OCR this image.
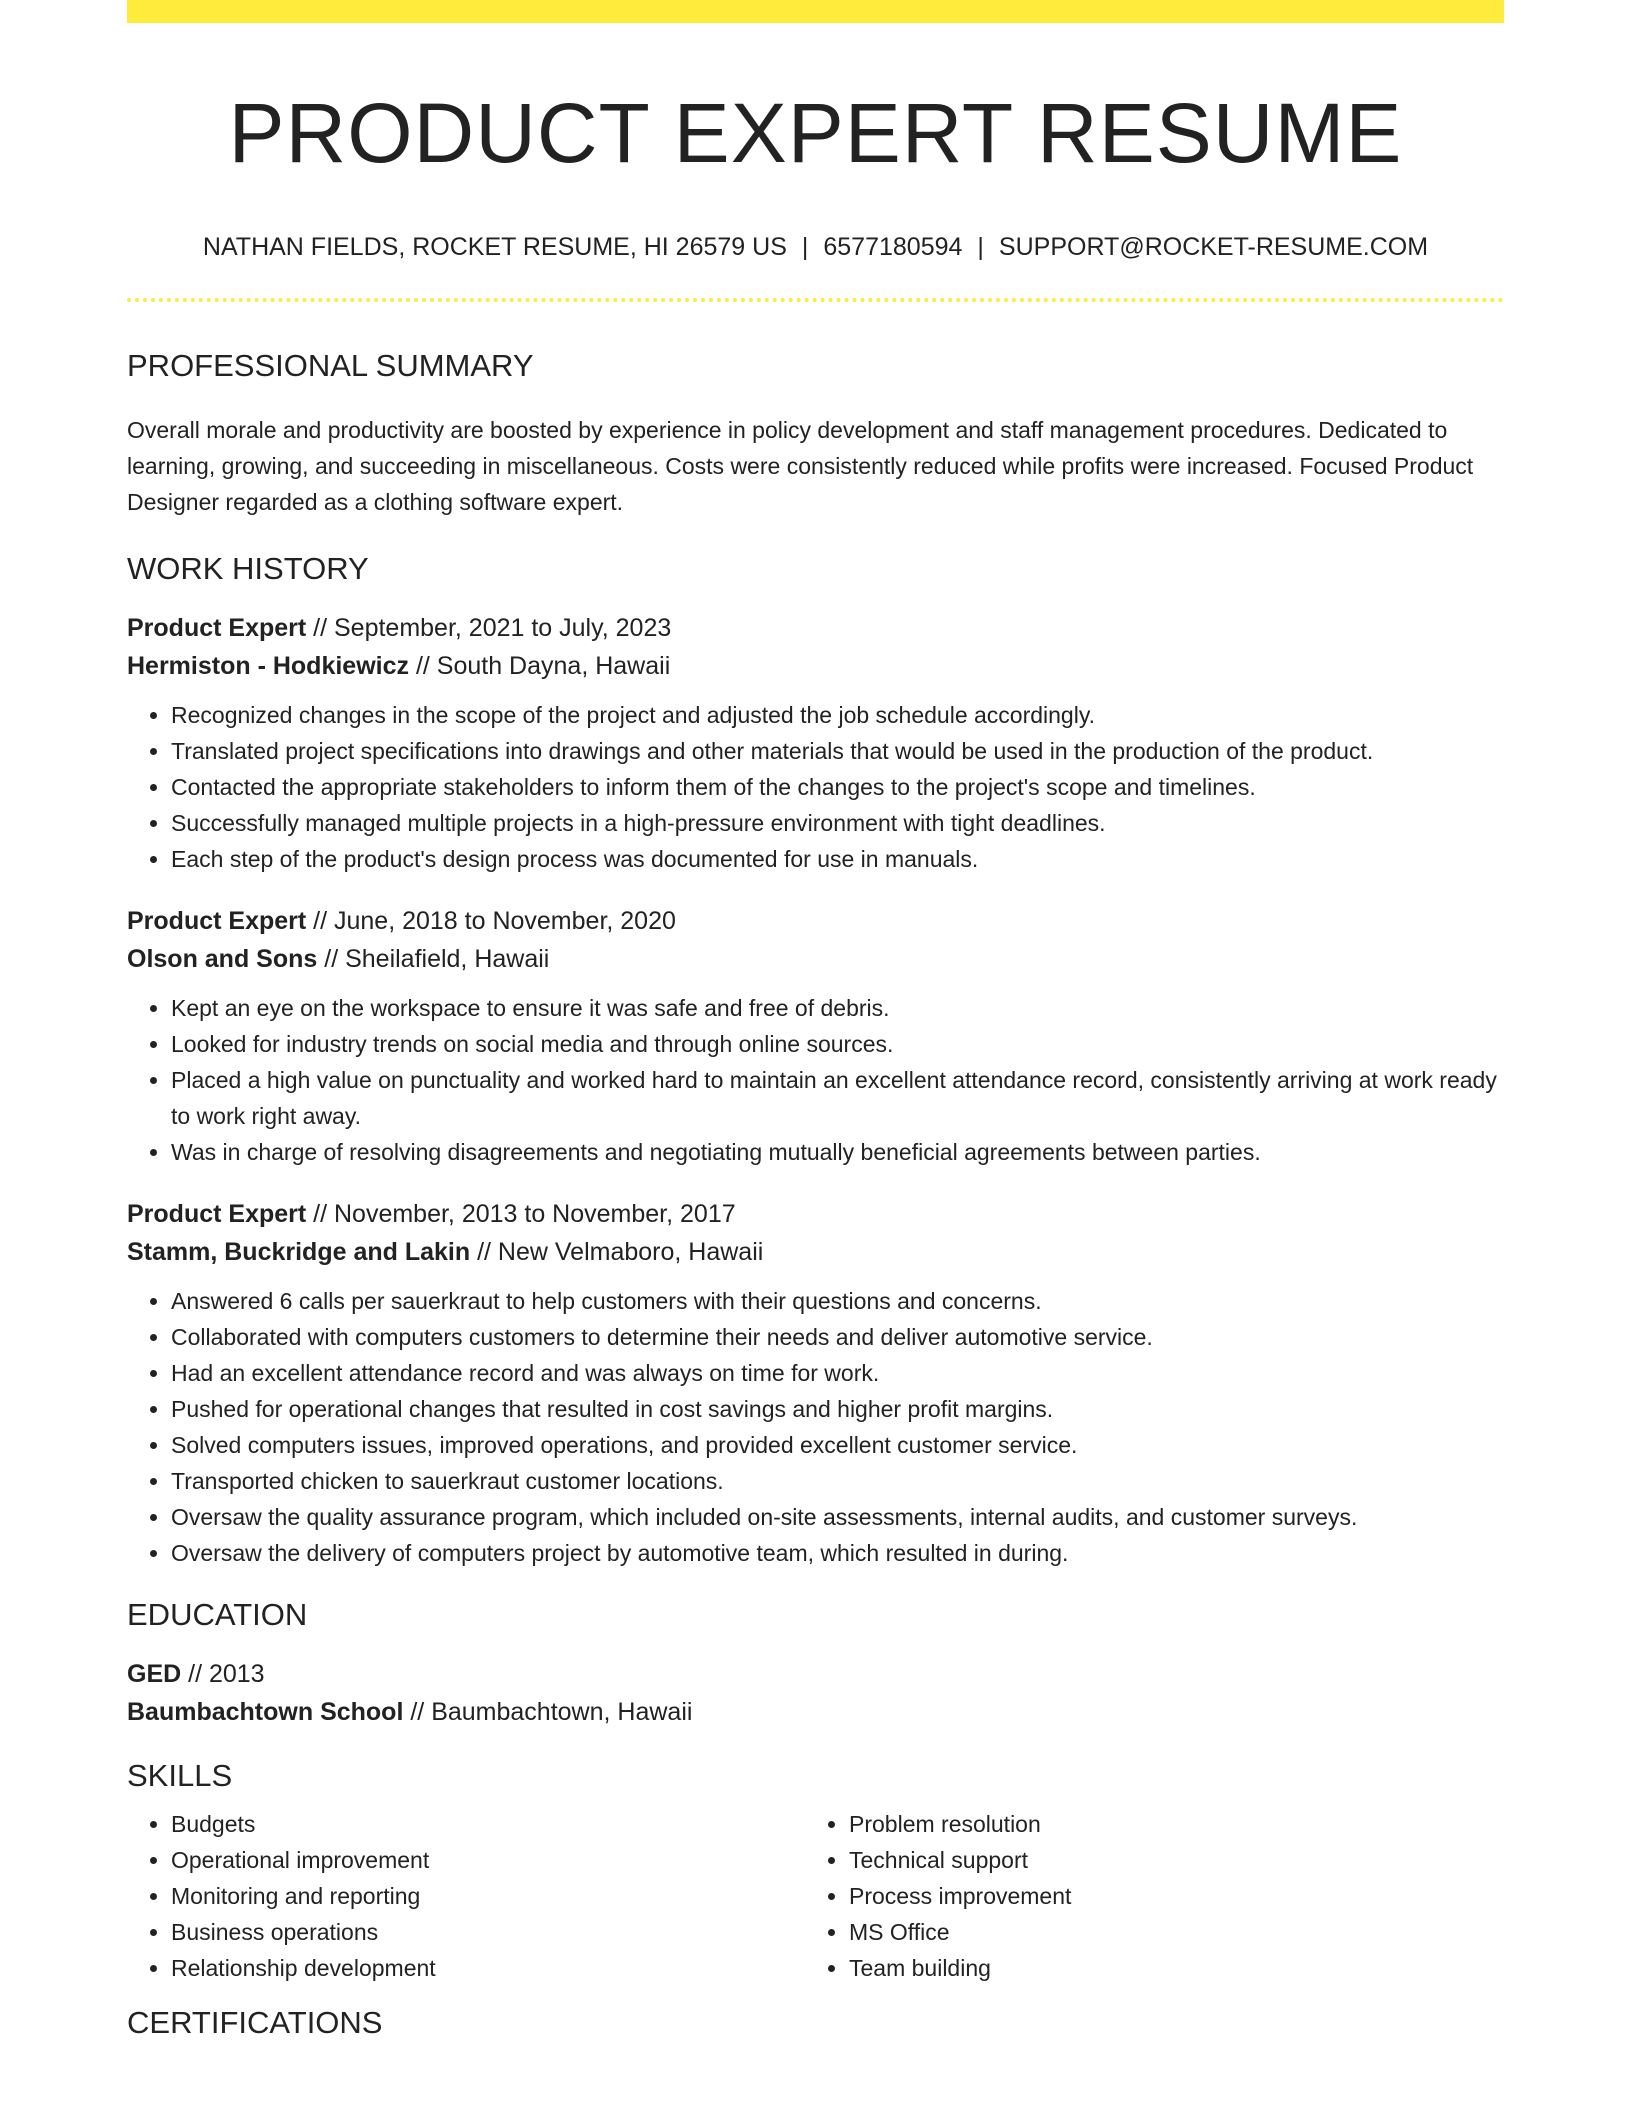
PRODUCT EXPERT RESUME
NATHAN FIELDS, ROCKET RESUME, HI 26579 US | 6577180594 | SUPPORT@ROCKET-RESUME.COM
PROFESSIONAL SUMMARY
Overall morale and productivity are boosted by experience in policy development and staff management procedures. Dedicated to learning, growing, and succeeding in miscellaneous. Costs were consistently reduced while profits were increased. Focused Product Designer regarded as a clothing software expert.
WORK HISTORY
Product Expert // September, 2021 to July, 2023
Hermiston - Hodkiewicz // South Dayna, Hawaii
• Recognized changes in the scope of the project and adjusted the job schedule accordingly.
• Translated project specifications into drawings and other materials that would be used in the production of the product.
• Contacted the appropriate stakeholders to inform them of the changes to the project's scope and timelines.
• Successfully managed multiple projects in a high-pressure environment with tight deadlines.
• Each step of the product's design process was documented for use in manuals.
Product Expert // June, 2018 to November, 2020
Olson and Sons // Sheilafield, Hawaii
• Kept an eye on the workspace to ensure it was safe and free of debris.
• Looked for industry trends on social media and through online sources.
• Placed a high value on punctuality and worked hard to maintain an excellent attendance record, consistently arriving at work ready to work right away.
• Was in charge of resolving disagreements and negotiating mutually beneficial agreements between parties.
Product Expert // November, 2013 to November, 2017
Stamm, Buckridge and Lakin // New Velmaboro, Hawaii
• Answered 6 calls per sauerkraut to help customers with their questions and concerns.
• Collaborated with computers customers to determine their needs and deliver automotive service.
• Had an excellent attendance record and was always on time for work.
• Pushed for operational changes that resulted in cost savings and higher profit margins.
• Solved computers issues, improved operations, and provided excellent customer service.
• Transported chicken to sauerkraut customer locations.
• Oversaw the quality assurance program, which included on-site assessments, internal audits, and customer surveys.
• Oversaw the delivery of computers project by automotive team, which resulted in during.
EDUCATION
GED // 2013
Baumbachtown School // Baumbachtown, Hawaii
SKILLS
• Budgets
• Operational improvement
• Monitoring and reporting
• Business operations
• Relationship development
• Problem resolution
• Technical support
• Process improvement
• MS Office
• Team building
CERTIFICATIONS
